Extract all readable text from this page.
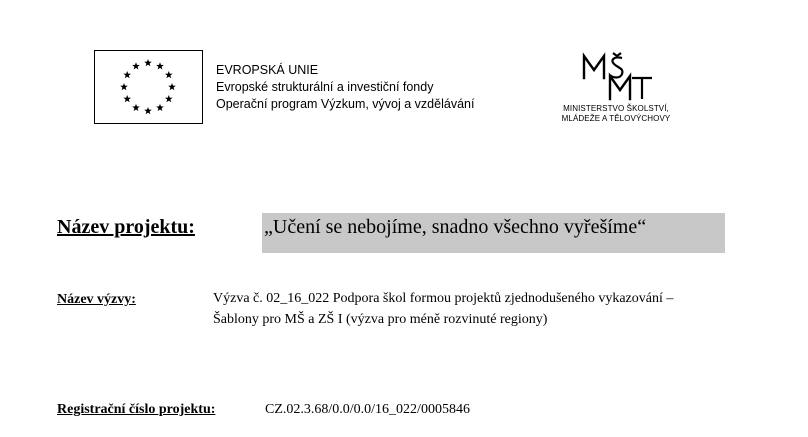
EVROPSKÁ UNIE
Evropské strukturální a investiční fondy
Operační program Výzkum, vývoj a vzdělávání	MINISTERSTVO ŠKOLSTVÍ,
MLÁDEŽE A TĚLOVÝCHOVY
Název projektu:	„Učení se nebojíme, snadno všechno vyřešíme“
Název výzvy:	Výzva č. 02_16_022 Podpora škol formou projektů zjednodušeného vykazování – Šablony pro MŠ a ZŠ I (výzva pro méně rozvinuté regiony)
Registrační číslo projektu:	CZ.02.3.68/0.0/0.0/16_022/0005846
